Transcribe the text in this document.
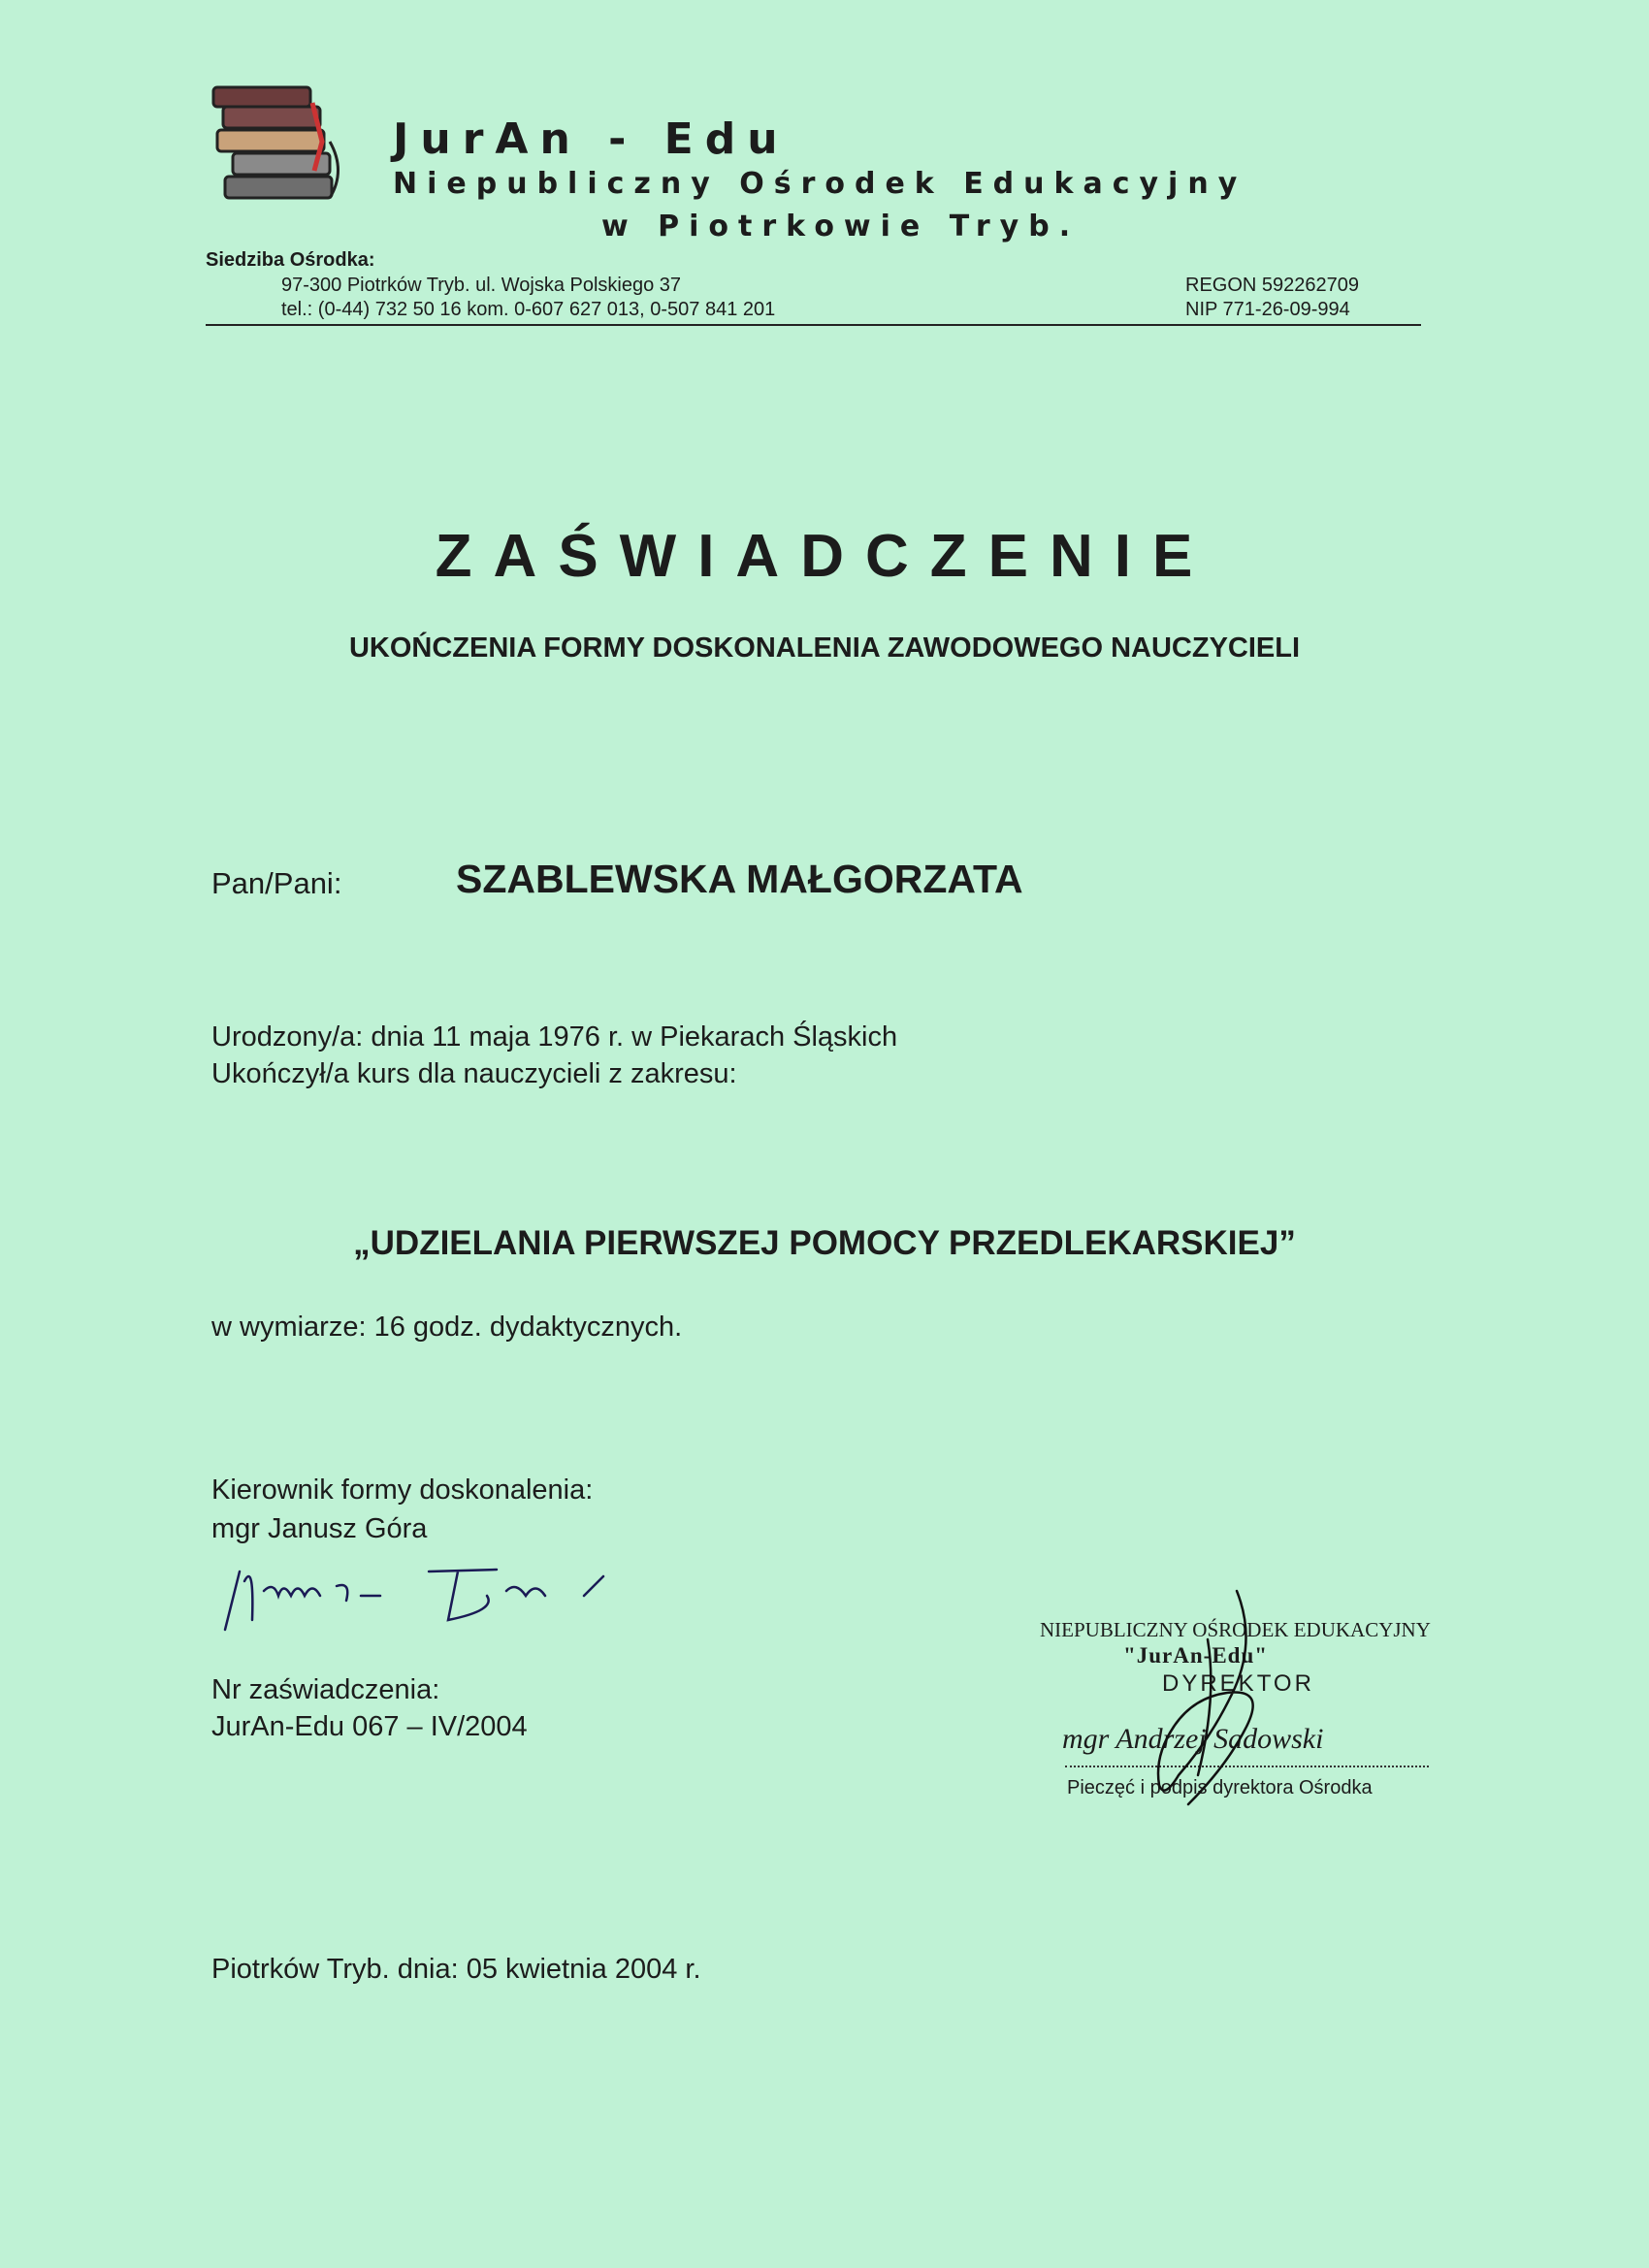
JurAn - Edu
Niepubliczny Ośrodek Edukacyjny
w Piotrkowie Tryb.
Siedziba Ośrodka:
97-300 Piotrków Tryb. ul. Wojska Polskiego 37
tel.: (0-44) 732 50 16 kom. 0-607 627 013, 0-507 841 201
REGON 592262709
NIP 771-26-09-994
ZAŚWIADCZENIE
UKOŃCZENIA FORMY DOSKONALENIA ZAWODOWEGO NAUCZYCIELI
Pan/Pani:	SZABLEWSKA MAŁGORZATA
Urodzony/a: dnia 11 maja 1976 r. w Piekarach Śląskich
Ukończył/a kurs dla nauczycieli z zakresu:
„UDZIELANIA PIERWSZEJ POMOCY PRZEDLEKARSKIEJ”
w wymiarze: 16 godz. dydaktycznych.
Kierownik formy doskonalenia:
mgr Janusz Góra
Nr zaświadczenia:
JurAn-Edu 067 – IV/2004
NIEPUBLICZNY OŚRODEK EDUKACYJNY
"JurAn-Edu"
DYREKTOR
mgr Andrzej Sadowski
Pieczęć i podpis dyrektora Ośrodka
Piotrków Tryb. dnia: 05 kwietnia 2004 r.
